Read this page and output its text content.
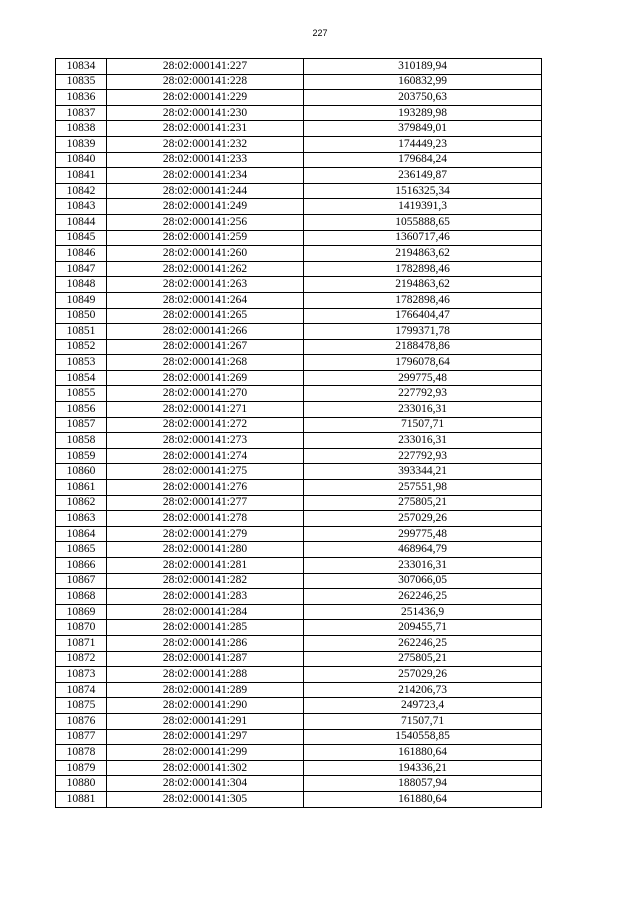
227
10834	28:02:000141:227	310189,94
10835	28:02:000141:228	160832,99
10836	28:02:000141:229	203750,63
10837	28:02:000141:230	193289,98
10838	28:02:000141:231	379849,01
10839	28:02:000141:232	174449,23
10840	28:02:000141:233	179684,24
10841	28:02:000141:234	236149,87
10842	28:02:000141:244	1516325,34
10843	28:02:000141:249	1419391,3
10844	28:02:000141:256	1055888,65
10845	28:02:000141:259	1360717,46
10846	28:02:000141:260	2194863,62
10847	28:02:000141:262	1782898,46
10848	28:02:000141:263	2194863,62
10849	28:02:000141:264	1782898,46
10850	28:02:000141:265	1766404,47
10851	28:02:000141:266	1799371,78
10852	28:02:000141:267	2188478,86
10853	28:02:000141:268	1796078,64
10854	28:02:000141:269	299775,48
10855	28:02:000141:270	227792,93
10856	28:02:000141:271	233016,31
10857	28:02:000141:272	71507,71
10858	28:02:000141:273	233016,31
10859	28:02:000141:274	227792,93
10860	28:02:000141:275	393344,21
10861	28:02:000141:276	257551,98
10862	28:02:000141:277	275805,21
10863	28:02:000141:278	257029,26
10864	28:02:000141:279	299775,48
10865	28:02:000141:280	468964,79
10866	28:02:000141:281	233016,31
10867	28:02:000141:282	307066,05
10868	28:02:000141:283	262246,25
10869	28:02:000141:284	251436,9
10870	28:02:000141:285	209455,71
10871	28:02:000141:286	262246,25
10872	28:02:000141:287	275805,21
10873	28:02:000141:288	257029,26
10874	28:02:000141:289	214206,73
10875	28:02:000141:290	249723,4
10876	28:02:000141:291	71507,71
10877	28:02:000141:297	1540558,85
10878	28:02:000141:299	161880,64
10879	28:02:000141:302	194336,21
10880	28:02:000141:304	188057,94
10881	28:02:000141:305	161880,64
